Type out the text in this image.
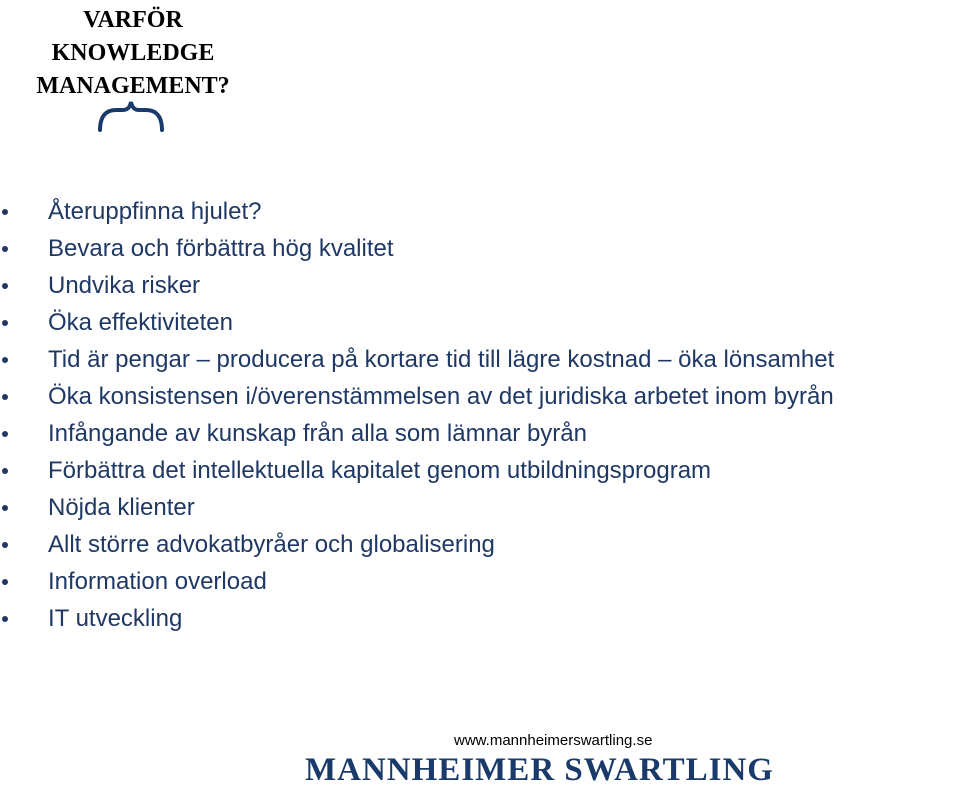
VARFÖR
KNOWLEDGE
MANAGEMENT?
Återuppfinna hjulet?
Bevara och förbättra hög kvalitet
Undvika risker
Öka effektiviteten
Tid är pengar – producera på kortare tid till lägre kostnad – öka lönsamhet
Öka konsistensen i/överenstämmelsen av det juridiska arbetet inom byrån
Infångande av kunskap från alla som lämnar byrån
Förbättra det intellektuella kapitalet genom utbildningsprogram
Nöjda klienter
Allt större advokatbyråer och globalisering
Information overload
IT utveckling
www.mannheimerswartling.se
MANNHEIMER SWARTLING
